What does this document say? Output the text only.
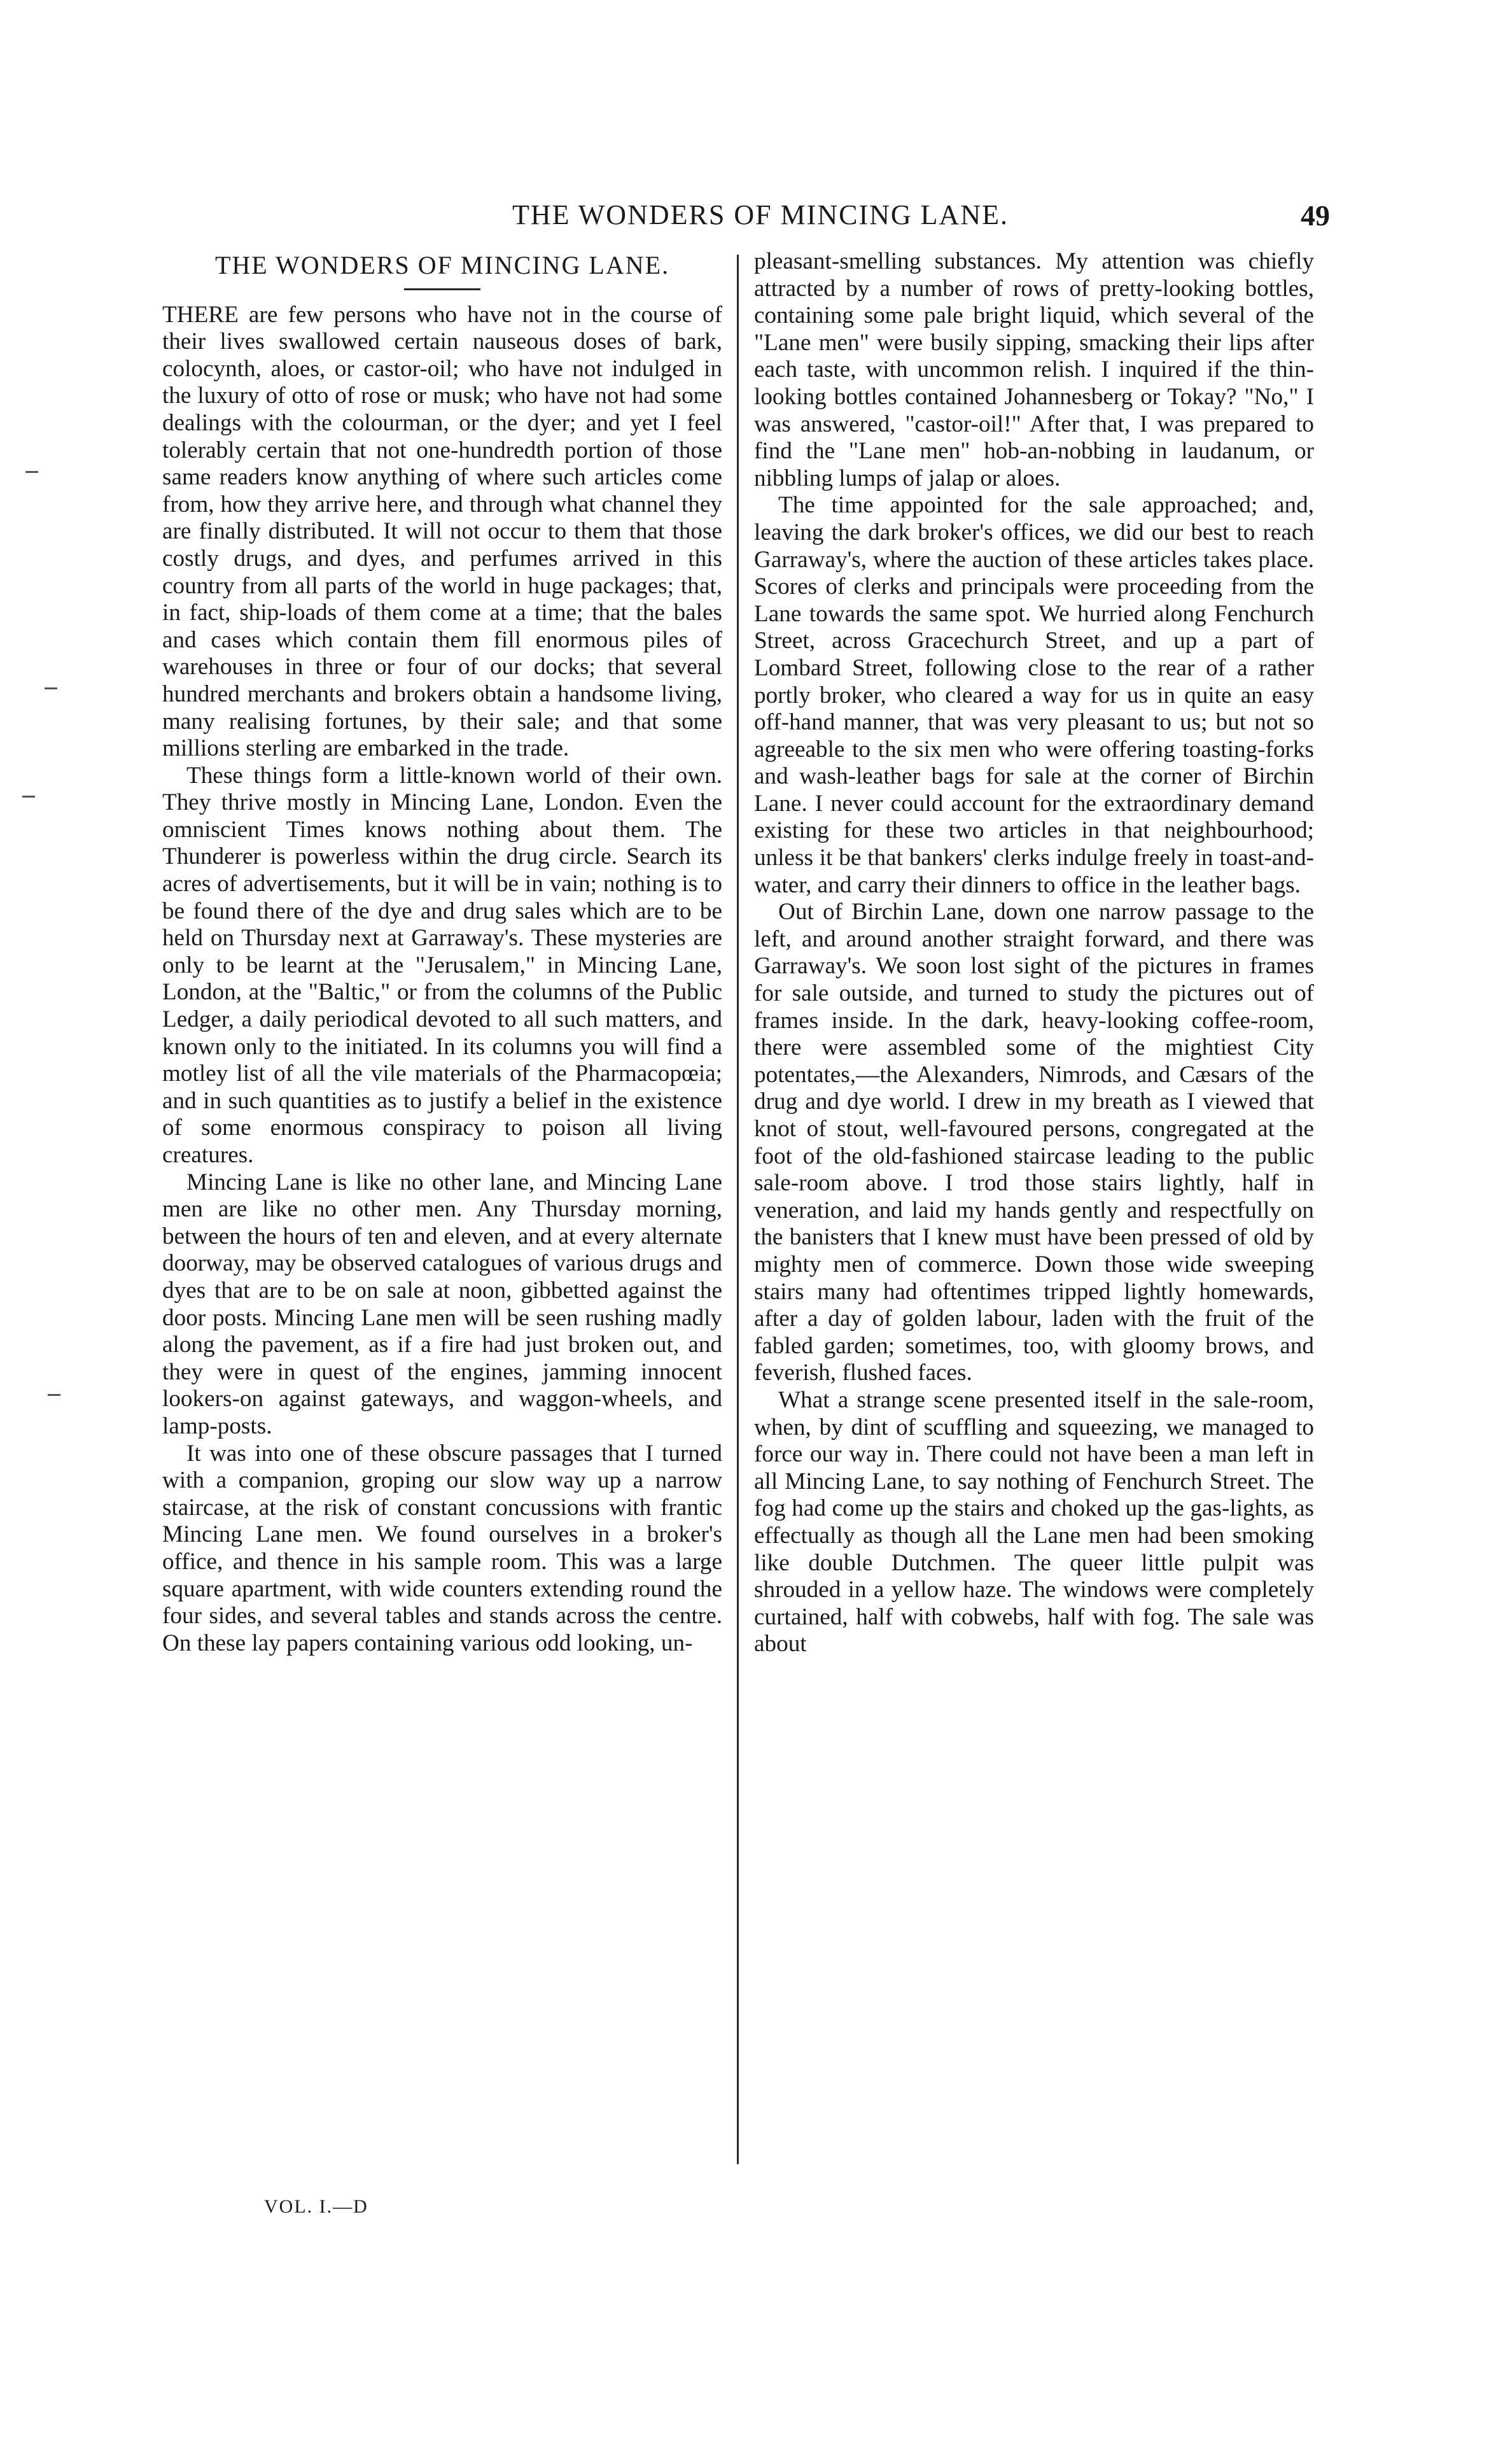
THE WONDERS OF MINCING LANE.	49
THE WONDERS OF MINCING LANE.

THERE are few persons who have not in the course of their lives swallowed certain nauseous doses of bark, colocynth, aloes, or castor-oil; who have not indulged in the luxury of otto of rose or musk; who have not had some dealings with the colourman, or the dyer; and yet I feel tolerably certain that not one-hundredth portion of those same readers know anything of where such articles come from, how they arrive here, and through what channel they are finally distributed. It will not occur to them that those costly drugs, and dyes, and perfumes arrived in this country from all parts of the world in huge packages; that, in fact, ship-loads of them come at a time; that the bales and cases which contain them fill enormous piles of warehouses in three or four of our docks; that several hundred merchants and brokers obtain a handsome living, many realising fortunes, by their sale; and that some millions sterling are embarked in the trade.

These things form a little-known world of their own. They thrive mostly in Mincing Lane, London. Even the omniscient Times knows nothing about them. The Thunderer is powerless within the drug circle. Search its acres of advertisements, but it will be in vain; nothing is to be found there of the dye and drug sales which are to be held on Thursday next at Garraway's. These mysteries are only to be learnt at the "Jerusalem," in Mincing Lane, London, at the "Baltic," or from the columns of the Public Ledger, a daily periodical devoted to all such matters, and known only to the initiated. In its columns you will find a motley list of all the vile materials of the Pharmacopœia; and in such quantities as to justify a belief in the existence of some enormous conspiracy to poison all living creatures.

Mincing Lane is like no other lane, and Mincing Lane men are like no other men. Any Thursday morning, between the hours of ten and eleven, and at every alternate doorway, may be observed catalogues of various drugs and dyes that are to be on sale at noon, gibbetted against the door posts. Mincing Lane men will be seen rushing madly along the pavement, as if a fire had just broken out, and they were in quest of the engines, jamming innocent lookers-on against gateways, and waggon-wheels, and lamp-posts.

It was into one of these obscure passages that I turned with a companion, groping our slow way up a narrow staircase, at the risk of constant concussions with frantic Mincing Lane men. We found ourselves in a broker's office, and thence in his sample room. This was a large square apartment, with wide counters extending round the four sides, and several tables and stands across the centre. On these lay papers containing various odd looking, un-

pleasant-smelling substances. My attention was chiefly attracted by a number of rows of pretty-looking bottles, containing some pale bright liquid, which several of the "Lane men" were busily sipping, smacking their lips after each taste, with uncommon relish. I inquired if the thin-looking bottles contained Johannesberg or Tokay? "No," I was answered, "castor-oil!" After that, I was prepared to find the "Lane men" hob-an-nobbing in laudanum, or nibbling lumps of jalap or aloes.

The time appointed for the sale approached; and, leaving the dark broker's offices, we did our best to reach Garraway's, where the auction of these articles takes place. Scores of clerks and principals were proceeding from the Lane towards the same spot. We hurried along Fenchurch Street, across Gracechurch Street, and up a part of Lombard Street, following close to the rear of a rather portly broker, who cleared a way for us in quite an easy off-hand manner, that was very pleasant to us; but not so agreeable to the six men who were offering toasting-forks and wash-leather bags for sale at the corner of Birchin Lane. I never could account for the extraordinary demand existing for these two articles in that neighbourhood; unless it be that bankers' clerks indulge freely in toast-and-water, and carry their dinners to office in the leather bags.

Out of Birchin Lane, down one narrow passage to the left, and around another straight forward, and there was Garraway's. We soon lost sight of the pictures in frames for sale outside, and turned to study the pictures out of frames inside. In the dark, heavy-looking coffee-room, there were assembled some of the mightiest City potentates,—the Alexanders, Nimrods, and Cæsars of the drug and dye world. I drew in my breath as I viewed that knot of stout, well-favoured persons, congregated at the foot of the old-fashioned staircase leading to the public sale-room above. I trod those stairs lightly, half in veneration, and laid my hands gently and respectfully on the banisters that I knew must have been pressed of old by mighty men of commerce. Down those wide sweeping stairs many had oftentimes tripped lightly homewards, after a day of golden labour, laden with the fruit of the fabled garden; sometimes, too, with gloomy brows, and feverish, flushed faces.

What a strange scene presented itself in the sale-room, when, by dint of scuffling and squeezing, we managed to force our way in. There could not have been a man left in all Mincing Lane, to say nothing of Fenchurch Street. The fog had come up the stairs and choked up the gas-lights, as effectually as though all the Lane men had been smoking like double Dutchmen. The queer little pulpit was shrouded in a yellow haze. The windows were completely curtained, half with cobwebs, half with fog. The sale was about

VOL. I.—D
